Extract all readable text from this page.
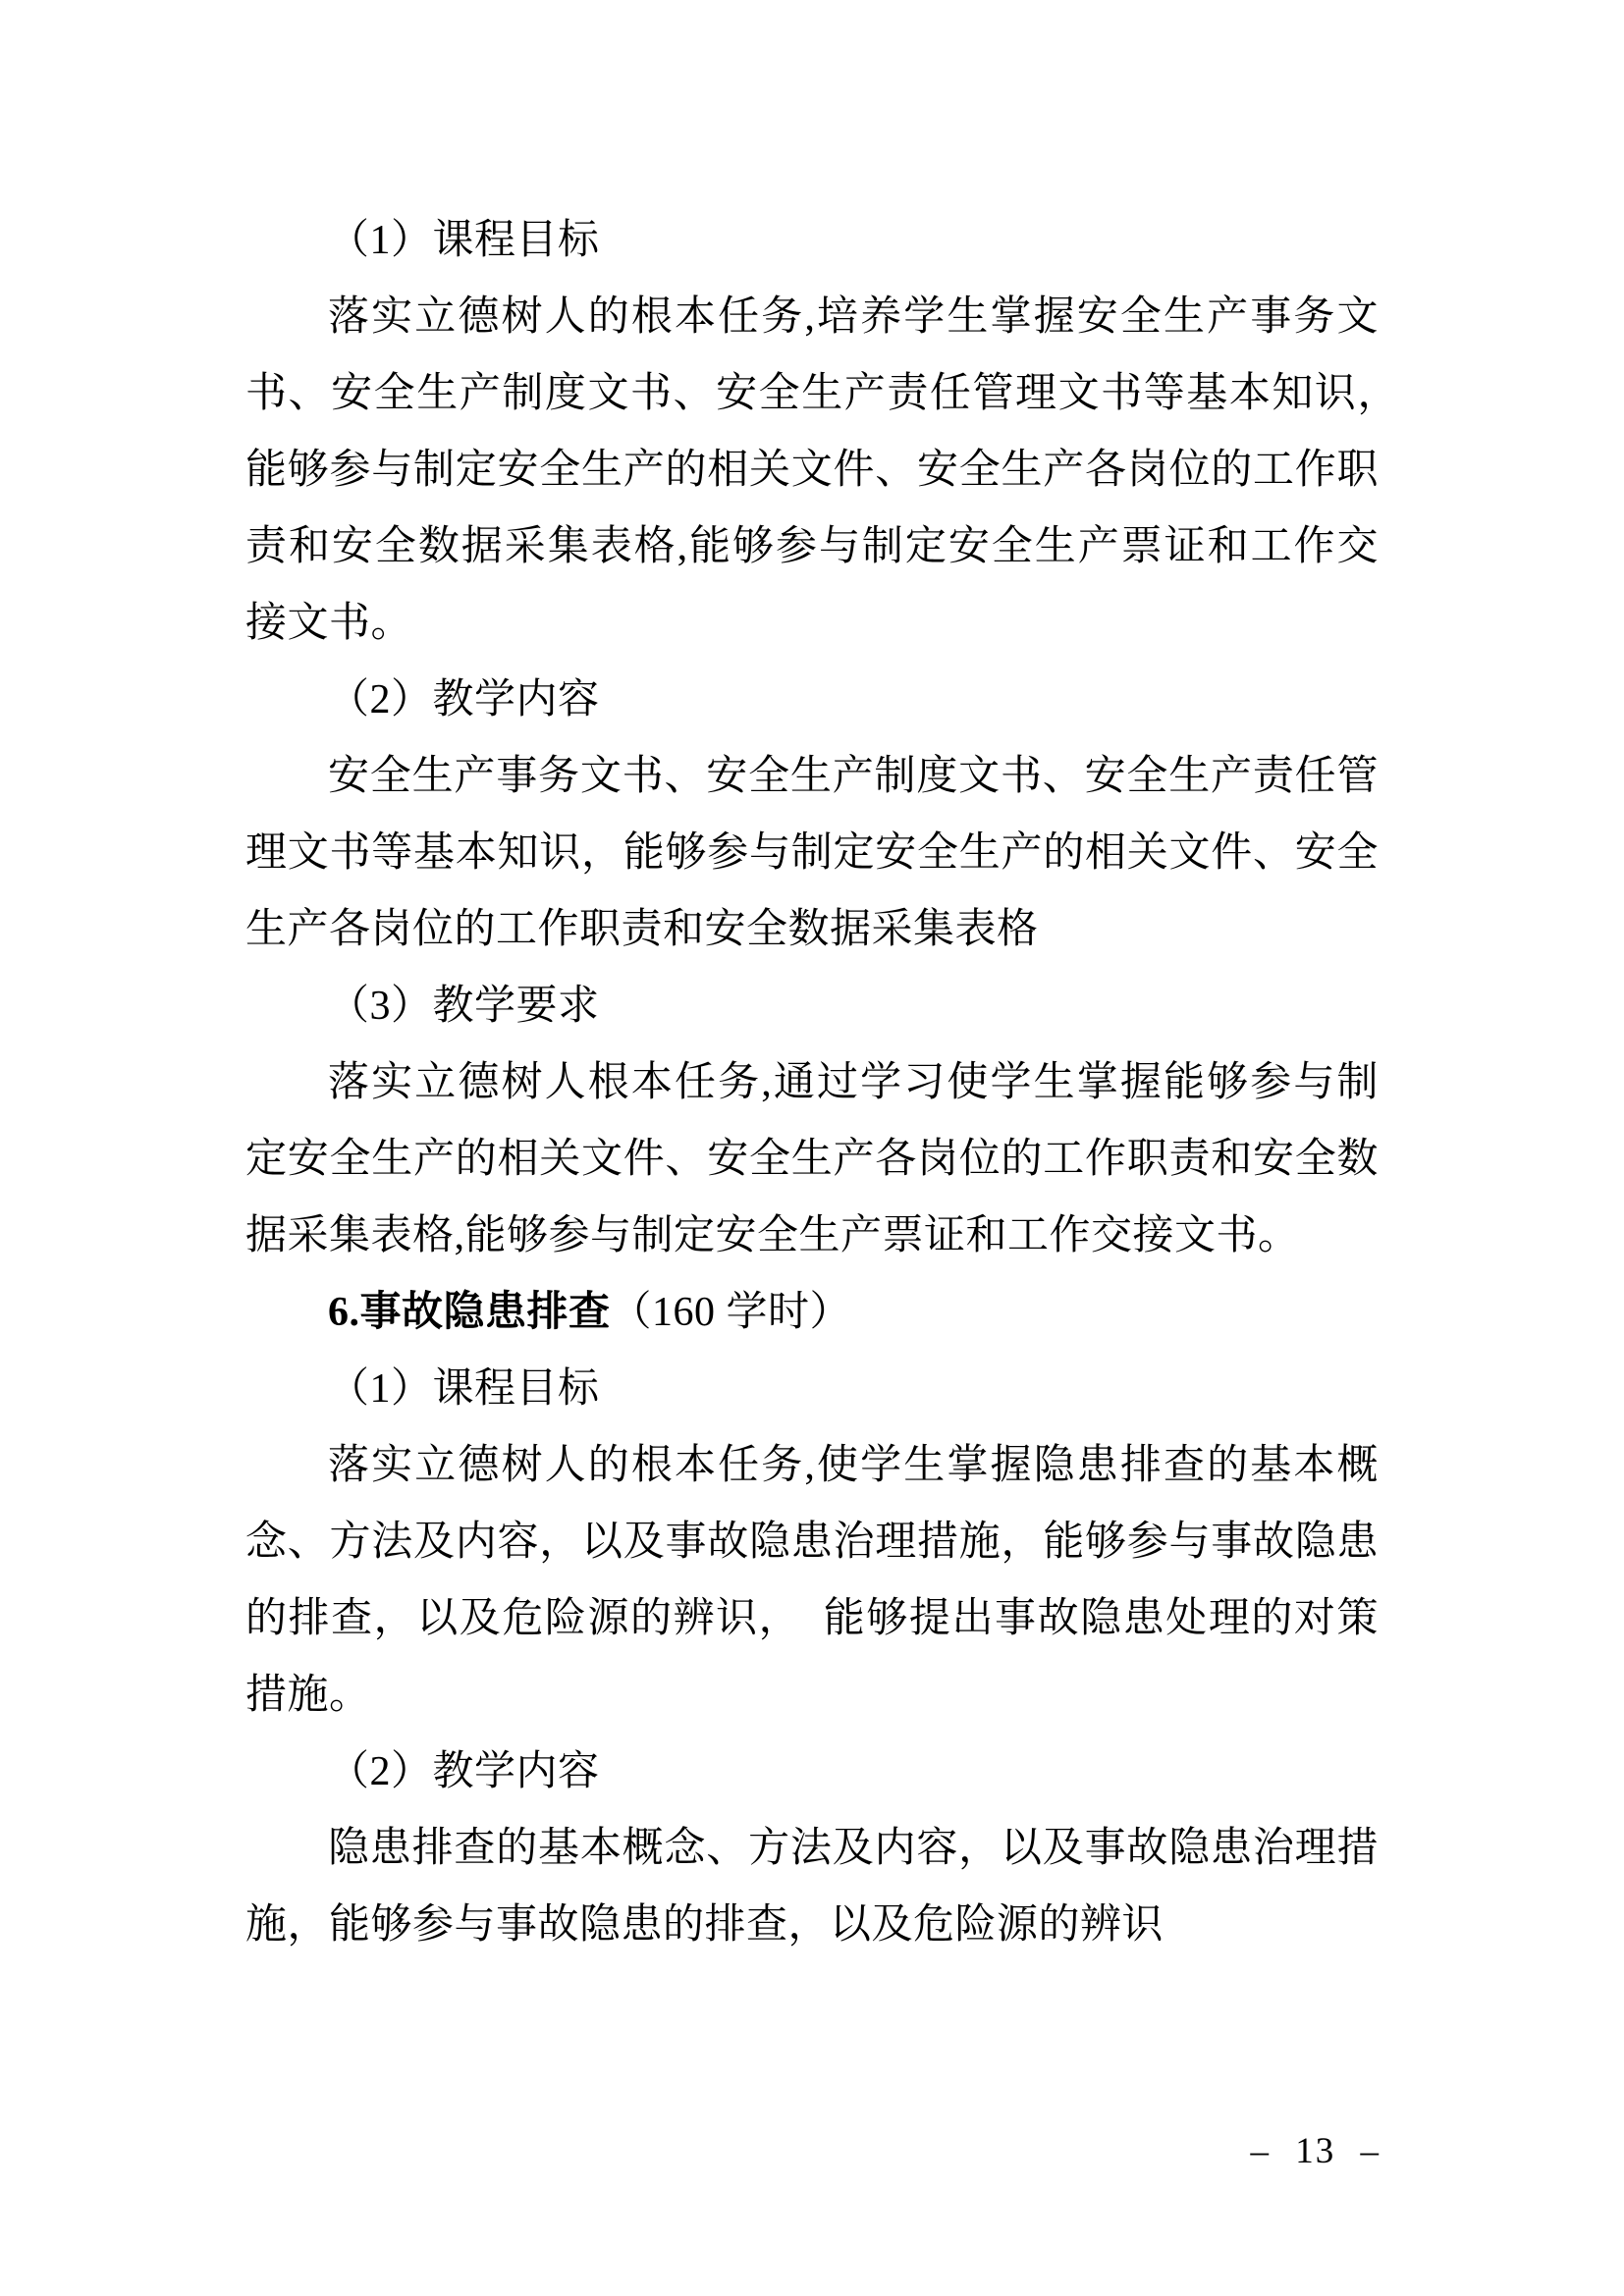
（1）课程目标

落实立德树人的根本任务,培养学生掌握安全生产事务文书、安全生产制度文书、安全生产责任管理文书等基本知识，　能够参与制定安全生产的相关文件、安全生产各岗位的工作职责和安全数据采集表格,能够参与制定安全生产票证和工作交接文书。

（2）教学内容

安全生产事务文书、安全生产制度文书、安全生产责任管理文书等基本知识，能够参与制定安全生产的相关文件、安全生产各岗位的工作职责和安全数据采集表格

（3）教学要求

落实立德树人根本任务,通过学习使学生掌握能够参与制定安全生产的相关文件、安全生产各岗位的工作职责和安全数据采集表格,能够参与制定安全生产票证和工作交接文书。

6.事故隐患排查（160 学时）

（1）课程目标

落实立德树人的根本任务,使学生掌握隐患排查的基本概念、方法及内容，以及事故隐患治理措施，能够参与事故隐患的排查，以及危险源的辨识，　能够提出事故隐患处理的对策措施。

（2）教学内容

隐患排查的基本概念、方法及内容，以及事故隐患治理措施，能够参与事故隐患的排查，以及危险源的辨识

– 13 –
